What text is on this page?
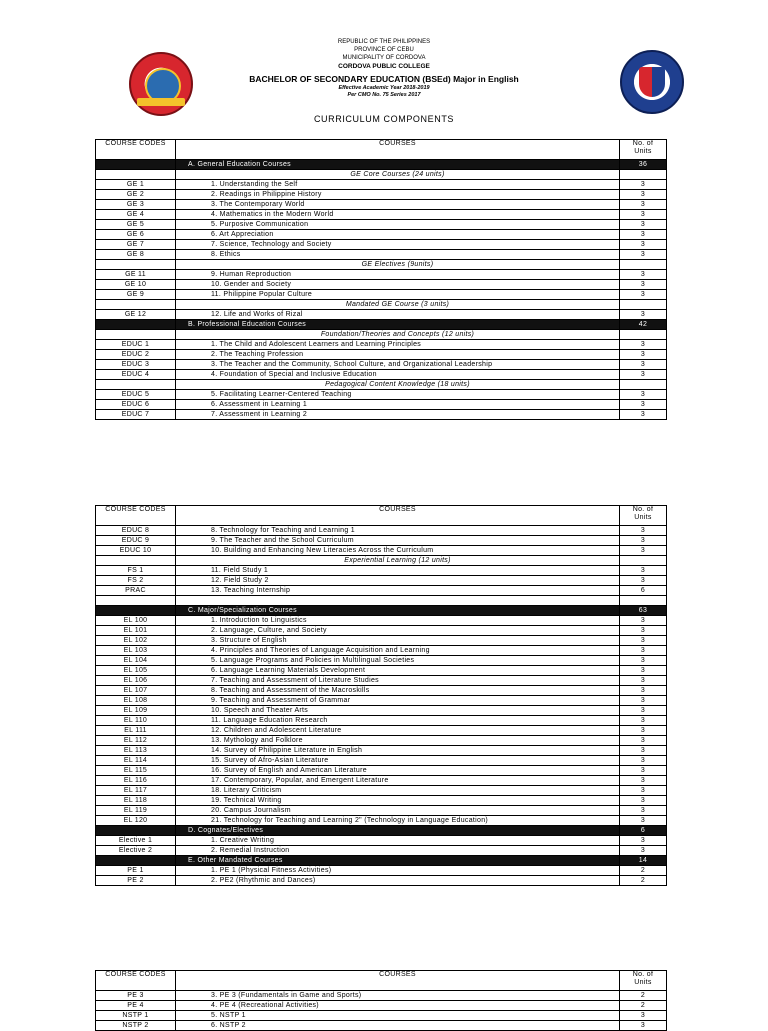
REPUBLIC OF THE PHILIPPINES
PROVINCE OF CEBU
MUNICIPALITY OF CORDOVA
CORDOVA PUBLIC COLLEGE
BACHELOR OF SECONDARY EDUCATION (BSEd) Major in English
Effective Academic Year 2018-2019
Per CMO No. 75 Series 2017
CURRICULUM COMPONENTS
COURSE CODES	COURSES	No. of
Units

	A. General Education Courses	36
	GE Core Courses (24 units)	
GE 1	1. Understanding the Self	3
GE 2	2. Readings in Philippine History	3
GE 3	3. The Contemporary World	3
GE 4	4. Mathematics in the Modern World	3
GE 5	5. Purposive Communication	3
GE 6	6. Art Appreciation	3
GE 7	7. Science, Technology and Society	3
GE 8	8. Ethics	3
	GE Electives (9units)	
GE 11	9. Human Reproduction	3
GE 10	10. Gender and Society	3
GE 9	11. Philippine Popular Culture	3
	Mandated GE Course (3 units)	
GE 12	12. Life and Works of Rizal	3
	B. Professional Education Courses	42
	Foundation/Theories and Concepts (12 units)	
EDUC 1	1. The Child and Adolescent Learners and Learning Principles	3
EDUC 2	2. The Teaching Profession	3
EDUC 3	3. The Teacher and the Community, School Culture, and Organizational Leadership	3
EDUC 4	4. Foundation of Special and Inclusive Education	3
	Pedagogical Content Knowledge (18 units)	
EDUC 5	5. Facilitating Learner-Centered Teaching	3
EDUC 6	6. Assessment in Learning 1	3
EDUC 7	7. Assessment in Learning 2	3
COURSE CODES	COURSES	No. of
Units

EDUC 8	8. Technology for Teaching and Learning 1	3
EDUC 9	9. The Teacher and the School Curriculum	3
EDUC 10	10. Building and Enhancing New Literacies Across the Curriculum	3
	Experiential Learning (12 units)	
FS 1	11. Field Study 1	3
FS 2	12. Field Study 2	3
PRAC	13. Teaching Internship	6

	C. Major/Specialization Courses	63
EL 100	1. Introduction to Linguistics	3
EL 101	2. Language, Culture, and Society	3
EL 102	3. Structure of English	3
EL 103	4. Principles and Theories of Language Acquisition and Learning	3
EL 104	5. Language Programs and Policies in Multilingual Societies	3
EL 105	6. Language Learning Materials Development	3
EL 106	7. Teaching and Assessment of Literature Studies	3
EL 107	8. Teaching and Assessment of the Macroskills	3
EL 108	9. Teaching and Assessment of Grammar	3
EL 109	10. Speech and Theater Arts	3
EL 110	11. Language Education Research	3
EL 111	12. Children and Adolescent Literature	3
EL 112	13. Mythology and Folklore	3
EL 113	14. Survey of Philippine Literature in English	3
EL 114	15. Survey of Afro-Asian Literature	3
EL 115	16. Survey of English and American Literature	3
EL 116	17. Contemporary, Popular, and Emergent Literature	3
EL 117	18. Literary Criticism	3
EL 118	19. Technical Writing	3
EL 119	20. Campus Journalism	3
EL 120	21. Technology for Teaching and Learning 2" (Technology in Language Education)	3
	D. Cognates/Electives	6
Elective 1	1. Creative Writing	3
Elective 2	2. Remedial Instruction	3
	E. Other Mandated Courses	14
PE 1	1. PE 1 (Physical Fitness Activities)	2
PE 2	2. PE2 (Rhythmic and Dances)	2
COURSE CODES	COURSES	No. of
Units

PE 3	3. PE 3 (Fundamentals in Game and Sports)	2
PE 4	4. PE 4 (Recreational Activities)	2
NSTP 1	5. NSTP 1	3
NSTP 2	6. NSTP 2	3
